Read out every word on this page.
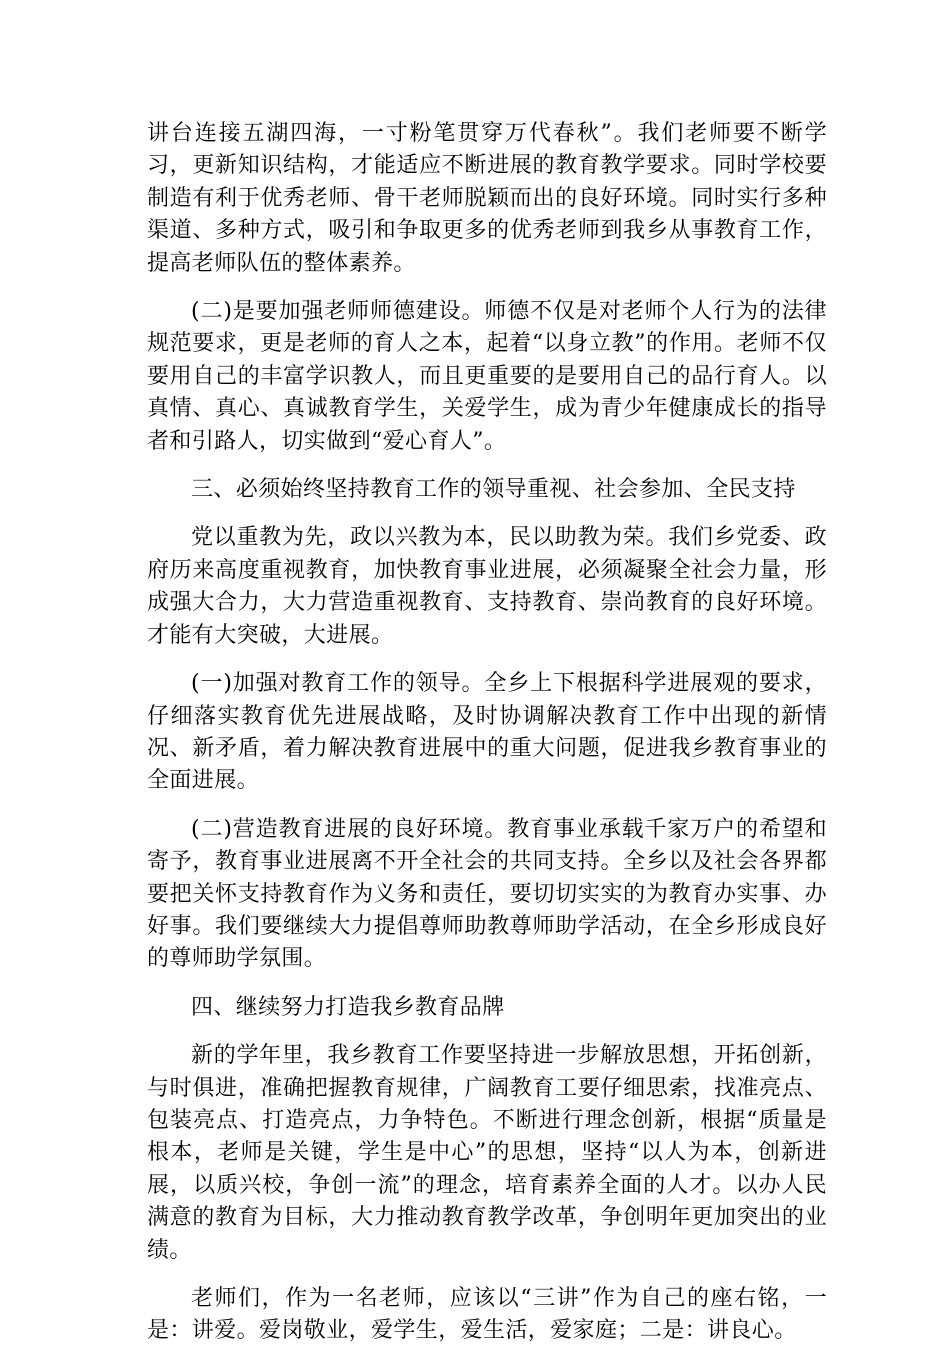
讲台连接五湖四海，一寸粉笔贯穿万代春秋”。我们老师要不断学习，更新知识结构，才能适应不断进展的教育教学要求。同时学校要制造有利于优秀老师、骨干老师脱颖而出的良好环境。同时实行多种渠道、多种方式，吸引和争取更多的优秀老师到我乡从事教育工作，提高老师队伍的整体素养。

(二)是要加强老师师德建设。师德不仅是对老师个人行为的法律规范要求，更是老师的育人之本，起着“以身立教”的作用。老师不仅要用自己的丰富学识教人，而且更重要的是要用自己的品行育人。以真情、真心、真诚教育学生，关爱学生，成为青少年健康成长的指导者和引路人，切实做到“爱心育人”。

三、必须始终坚持教育工作的领导重视、社会参加、全民支持

党以重教为先，政以兴教为本，民以助教为荣。我们乡党委、政府历来高度重视教育，加快教育事业进展，必须凝聚全社会力量，形成强大合力，大力营造重视教育、支持教育、崇尚教育的良好环境。才能有大突破，大进展。

(一)加强对教育工作的领导。全乡上下根据科学进展观的要求，仔细落实教育优先进展战略，及时协调解决教育工作中出现的新情况、新矛盾，着力解决教育进展中的重大问题，促进我乡教育事业的全面进展。

(二)营造教育进展的良好环境。教育事业承载千家万户的希望和寄予，教育事业进展离不开全社会的共同支持。全乡以及社会各界都要把关怀支持教育作为义务和责任，要切切实实的为教育办实事、办好事。我们要继续大力提倡尊师助教尊师助学活动，在全乡形成良好的尊师助学氛围。

四、继续努力打造我乡教育品牌

新的学年里，我乡教育工作要坚持进一步解放思想，开拓创新，与时俱进，准确把握教育规律，广阔教育工要仔细思索，找准亮点、包装亮点、打造亮点，力争特色。不断进行理念创新，根据“质量是根本，老师是关键，学生是中心”的思想，坚持“以人为本，创新进展，以质兴校，争创一流”的理念，培育素养全面的人才。以办人民满意的教育为目标，大力推动教育教学改革，争创明年更加突出的业绩。

老师们，作为一名老师，应该以“三讲”作为自己的座右铭，一是：讲爱。爱岗敬业，爱学生，爱生活，爱家庭；二是：讲良心。
